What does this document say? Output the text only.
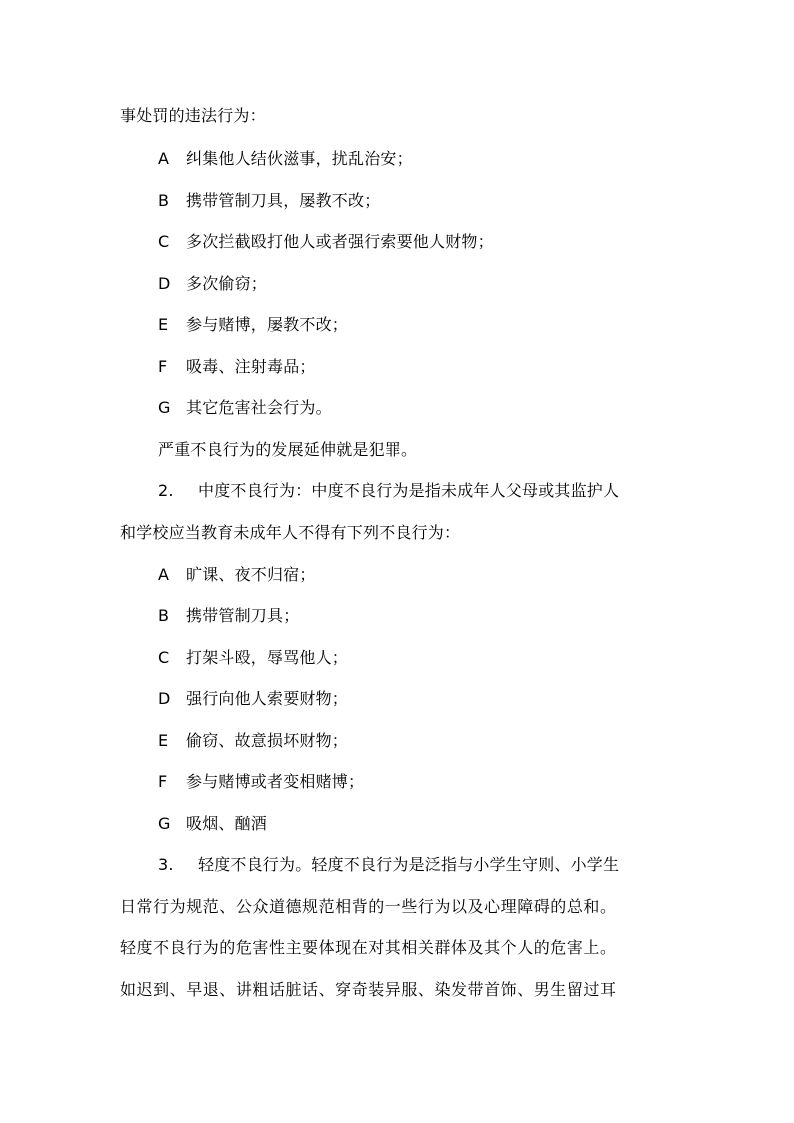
事处罚的违法行为：
A 纠集他人结伙滋事，扰乱治安；
B 携带管制刀具，屡教不改；
C 多次拦截殴打他人或者强行索要他人财物；
D 多次偷窃；
E 参与赌博，屡教不改；
F 吸毒、注射毒品；
G 其它危害社会行为。
严重不良行为的发展延伸就是犯罪。
2. 中度不良行为：中度不良行为是指未成年人父母或其监护人
和学校应当教育未成年人不得有下列不良行为：
A 旷课、夜不归宿；
B 携带管制刀具；
C 打架斗殴，辱骂他人；
D 强行向他人索要财物；
E 偷窃、故意损坏财物；
F 参与赌博或者变相赌博；
G 吸烟、酗酒
3. 轻度不良行为。轻度不良行为是泛指与小学生守则、小学生
日常行为规范、公众道德规范相背的一些行为以及心理障碍的总和。
轻度不良行为的危害性主要体现在对其相关群体及其个人的危害上。
如迟到、早退、讲粗话脏话、穿奇装异服、染发带首饰、男生留过耳
